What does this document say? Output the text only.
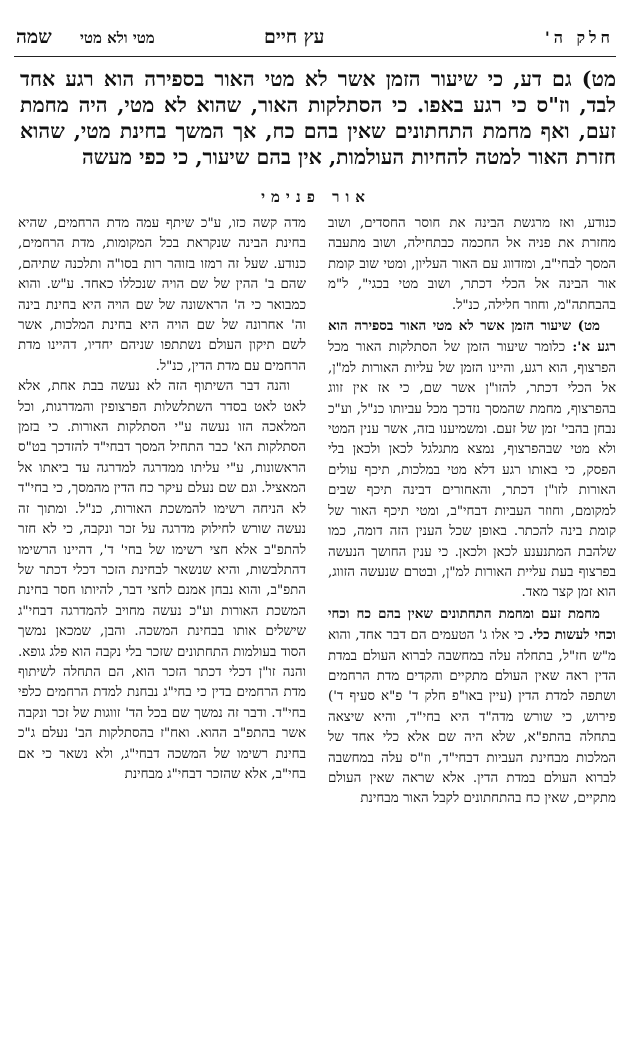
חלק ה'
עץ חיים
מטי ולא מטי
שמה
מט) גם דע, כי שיעור הזמן אשר לא מטי האור בספירה הוא רגע אחד לבד, וז"ס כי רגע באפו. כי הסתלקות האור, שהוא לא מטי, היה מחמת זעם, ואף מחמת התחתונים שאין בהם כח, אך המשך בחינת מטי, שהוא חזרת האור למטה להחיות העולמות, אין בהם שיעור, כי כפי מעשה
אור פנימי

כנודע, ואז מרגשת הבינה את חוסר החסדים, ושוב מחזרת את פניה אל החכמה כבתחילה, ושוב מתעבה המסך לבחי"ב, ומזדווג עם האור העליון, ומטי שוב קומת אור הבינה אל הכלי דכתר, ושוב מטי בכגי", ל"מ בהבחתה"מ, וחוזר חלילה, כנ"ל.

מט) שיעור הזמן אשר לא מטי האור בספירה הוא רגע א': כלומר שיעור הזמן של הסתלקות האור מכל הפרצוף, הוא רגע, והיינו הזמן של עליות האורות למ"ן, אל הכלי דכתר, להזו"ן אשר שם, כי אז אין זווג בהפרצוף, מחמת שהמסך נזדכך מכל עביותו כנ"ל, וע"כ נבחן בהבי' זמן של זעם. ומשמיענו בזה, אשר ענין המטי ולא מטי שבהפרצוף, נמצא מתגלגל לכאן ולכאן בלי הפסק, כי באותו רגע דלא מטי במלכות, תיכף עולים האורות לזו"ן דכתר, והאחורים דבינה תיכף שבים למקומם, וחוזר העביות דבחי"ב, ומטי תיכף האור של קומת בינה להכתר. באופן שכל הענין הזה דומה, כמו שלהבת המתנענע לכאן ולכאן. כי ענין החושך הנעשה בפרצוף בעת עליית האורות למ"ן, ובטרם שנעשה הזווג, הוא זמן קצר מאד.

מחמת זעם ומחמת התחתונים שאין בהם כח וכחי וכחי לעשות כלי. כי אלו ג' הטעמים הם דבר אחד, והוא מ"ש חז"ל, בתחלה עלה במחשבה לברוא העולם במדת הדין ראה שאין העולם מתקיים והקדים מדת הרחמים ושתפה למדת הדין (עיין באו"פ חלק ד' פ"א סעיף ד') פירוש, כי שורש מדה"ד היא בחי"ד, והיא שיצאה בתחלה בהתפ"א, שלא היה שם אלא כלי אחד של המלכות מבחינת העביות דבחי"ד, וז"ס עלה במחשבה לברוא העולם במדת הדין. אלא שראה שאין העולם מתקיים, שאין כח בהתחתונים לקבל האור מבחינת

מדה קשה כזו, ע"כ שיתף עמה מדת הרחמים, שהיא בחינת הבינה שנקראת בכל המקומות, מדת הרחמים, כנודע. שעל זה רמזו בזוהר רות בסו"ה ותלכנה שתיהם, שהם ב' ההין של שם הויה שנכללו כאחד. ע"ש. והוא כמבואר כי ה' הראשונה של שם הויה היא בחינת בינה וה' אחרונה של שם הויה היא בחינת המלכות, אשר לשם תיקון העולם נשתתפו שניהם יחדיו, דהיינו מדת הרחמים עם מדת הדין, כנ"ל.

והנה דבר השיתוף הזה לא נעשה בבת אחת, אלא לאט לאט בסדר השתלשלות הפרצופין והמדרגות, וכל המלאכה הזו נעשה ע"י הסתלקות האורות. כי בזמן הסתלקות הא' כבר התחיל המסך דבחי"ד להזדכך בט"ס הראשונות, ע"י עליתו ממדרגה למדרגה עד ביאתו אל המאציל. וגם שם נעלם עיקר כח הדין מהמסך, כי בחי"ד לא הניחה רשימו להמשכת האורות, כנ"ל. ומתוך זה נעשה שורש לחילוק מדרגה על זכר ונקבה, כי לא חזר להתפ"ב אלא חצי רשימו של בחי' ד', דהיינו הרשימו דהתלבשות, והיא שנשאר לבחינת הזכר דכלי דכתר של התפ"ב, והוא נבחן אמנם לחצי דבר, להיותו חסר בחינת המשכת האורות וע"כ נעשה מחויב להמדרגה דבחי"ג שישלים אותו בבחינת המשכה. והבן, שמכאן נמשך הסוד בעולמות התחתונים שזכר בלי נקבה הוא פלג גופא. והנה זו"ן דכלי דכתר הזכר הוא, הם התחלה לשיתוף מדת הרחמים בדין כי בחי"ג נבחנת למדת הרחמים כלפי בחי"ד. ודבר זה נמשך שם בכל הד' זווגות של זכר ונקבה אשר בהתפ"ב ההוא. ואח"ז בהסתלקות הב' נעלם ג"כ בחינת רשימו של המשכה דבחי"ג, ולא נשאר כי אם בחי"ב, אלא שהזכר דבחי"ג מבחינת
